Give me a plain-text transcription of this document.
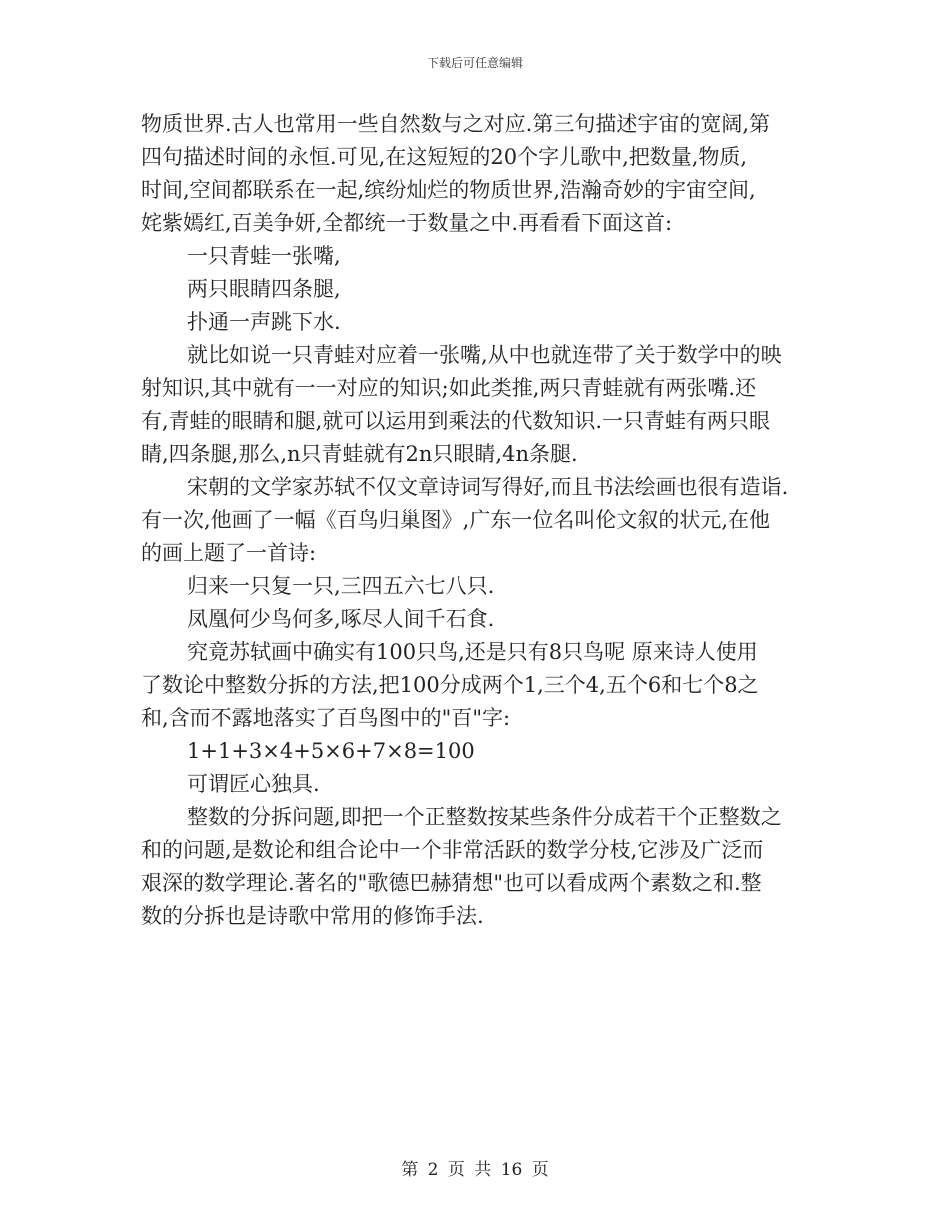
下载后可任意编辑
物质世界.古人也常用一些自然数与之对应.第三句描述宇宙的宽阔,第
四句描述时间的永恒.可见,在这短短的20个字儿歌中,把数量,物质,
时间,空间都联系在一起,缤纷灿烂的物质世界,浩瀚奇妙的宇宙空间,
姹紫嫣红,百美争妍,全都统一于数量之中.再看看下面这首:
一只青蛙一张嘴,
两只眼睛四条腿,
扑通一声跳下水.
就比如说一只青蛙对应着一张嘴,从中也就连带了关于数学中的映
射知识,其中就有一一对应的知识;如此类推,两只青蛙就有两张嘴.还
有,青蛙的眼睛和腿,就可以运用到乘法的代数知识.一只青蛙有两只眼
睛,四条腿,那么,n只青蛙就有2n只眼睛,4n条腿.
宋朝的文学家苏轼不仅文章诗词写得好,而且书法绘画也很有造诣.
有一次,他画了一幅《百鸟归巢图》,广东一位名叫伦文叙的状元,在他
的画上题了一首诗:
归来一只复一只,三四五六七八只.
凤凰何少鸟何多,啄尽人间千石食.
究竟苏轼画中确实有100只鸟,还是只有8只鸟呢 原来诗人使用
了数论中整数分拆的方法,把100分成两个1,三个4,五个6和七个8之
和,含而不露地落实了百鸟图中的"百"字:
1+1+3×4+5×6+7×8=100
可谓匠心独具.
整数的分拆问题,即把一个正整数按某些条件分成若干个正整数之
和的问题,是数论和组合论中一个非常活跃的数学分枝,它涉及广泛而
艰深的数学理论.著名的"歌德巴赫猜想"也可以看成两个素数之和.整
数的分拆也是诗歌中常用的修饰手法.
第 2 页 共 16 页
